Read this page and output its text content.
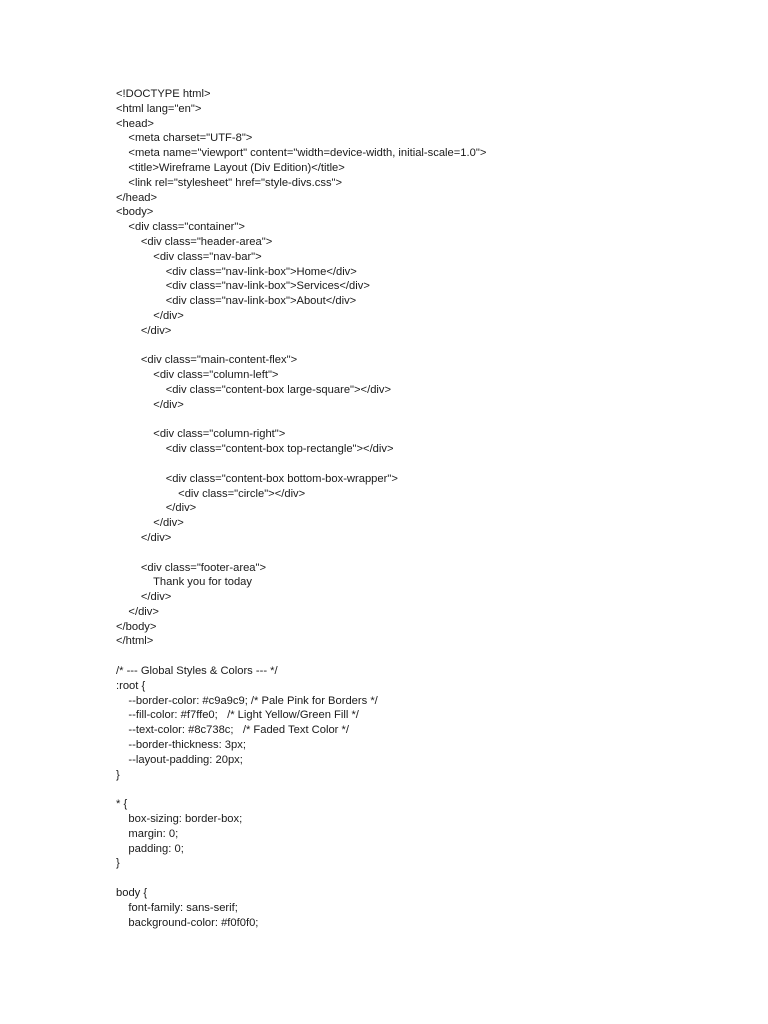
<!DOCTYPE html>
<html lang="en">
<head>
<meta charset="UTF-8">
<meta name="viewport" content="width=device-width, initial-scale=1.0">
<title>Wireframe Layout (Div Edition)</title>
<link rel="stylesheet" href="style-divs.css">
</head>
<body>
<div class="container">
<div class="header-area">
<div class="nav-bar">
<div class="nav-link-box">Home</div>
<div class="nav-link-box">Services</div>
<div class="nav-link-box">About</div>
</div>
</div>
<div class="main-content-flex">
<div class="column-left">
<div class="content-box large-square"></div>
</div>
<div class="column-right">
<div class="content-box top-rectangle"></div>
<div class="content-box bottom-box-wrapper">
<div class="circle"></div>
</div>
</div>
</div>
<div class="footer-area">
Thank you for today
</div>
</div>
</body>
</html>
/* --- Global Styles & Colors --- */
:root {
--border-color: #c9a9c9; /* Pale Pink for Borders */
--fill-color: #f7ffe0;   /* Light Yellow/Green Fill */
--text-color: #8c738c;   /* Faded Text Color */
--border-thickness: 3px;
--layout-padding: 20px;
}
* {
box-sizing: border-box;
margin: 0;
padding: 0;
}
body {
font-family: sans-serif;
background-color: #f0f0f0;
